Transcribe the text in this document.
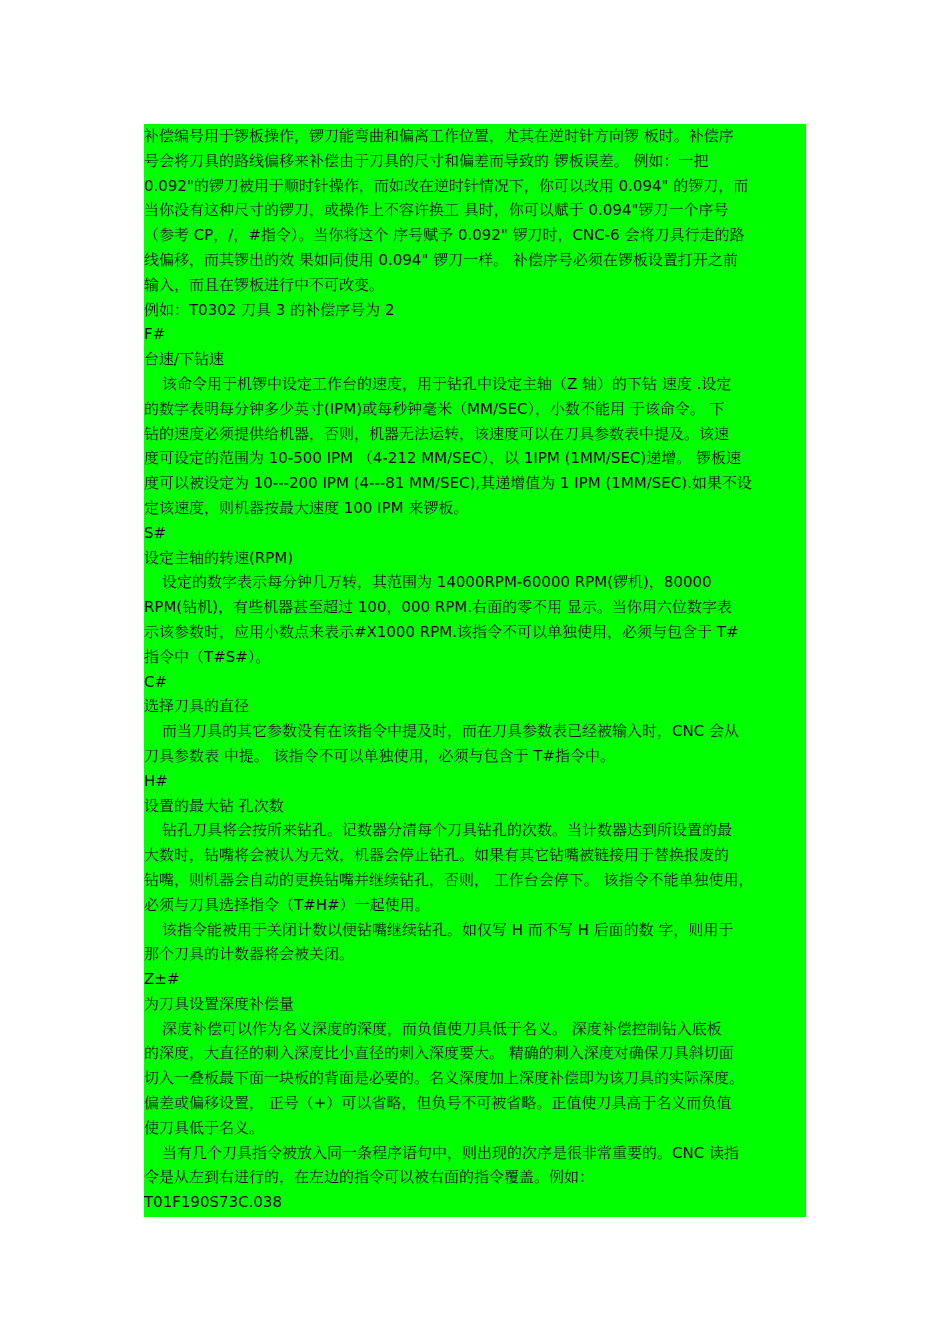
补偿编号用于锣板操作，锣刀能弯曲和偏离工作位置，尤其在逆时针方向锣 板时。补偿序
号会将刀具的路线偏移来补偿由于刀具的尺寸和偏差而导致的 锣板误差。 例如：一把
0.092"的锣刀被用于顺时针操作，而如改在逆时针情况下，你可以改用 0.094" 的锣刀，而
当你没有这种尺寸的锣刀，或操作上不容许换工 具时，你可以赋于 0.094"锣刀一个序号
（参考 CP，/，#指令）。当你将这个 序号赋予 0.092" 锣刀时，CNC-6 会将刀具行走的路
线偏移，而其锣出的效 果如同使用 0.094" 锣刀一样。 补偿序号必须在锣板设置打开之前
输入，而且在锣板进行中不可改变。
例如：T0302 刀具 3 的补偿序号为 2
F#
台速/下钻速
该命令用于机锣中设定工作台的速度，用于钻孔中设定主轴（Z 轴）的下钻 速度 .设定
的数字表明每分钟多少英寸(IPM)或每秒钟毫米（MM/SEC），小数不能用 于该命令。 下
钻的速度必须提供给机器，否则，机器无法运转，该速度可以在刀具参数表中提及。该速
度可设定的范围为 10-500 IPM （4-212 MM/SEC），以 1IPM (1MM/SEC)递增。 锣板速
度可以被设定为 10---200 IPM (4---81 MM/SEC),其递增值为 1 IPM (1MM/SEC).如果不设
定该速度，则机器按最大速度 100 IPM 来锣板。
S#
设定主轴的转速(RPM)
设定的数字表示每分钟几万转，其范围为 14000RPM-60000 RPM(锣机)，80000
RPM(钻机)，有些机器甚至超过 100，000 RPM.右面的零不用 显示。当你用六位数字表
示该参数时，应用小数点来表示#X1000 RPM.该指令不可以单独使用，必须与包含于 T#
指令中（T#S#）。
C#
选择刀具的直径
而当刀具的其它参数没有在该指令中提及时，而在刀具参数表已经被输入时，CNC 会从
刀具参数表 中提。 该指令不可以单独使用，必须与包含于 T#指令中。
H#
设置的最大钻 孔次数
钻孔刀具将会按所来钻孔。记数器分清每个刀具钻孔的次数。当计数器达到所设置的最
大数时，钻嘴将会被认为无效，机器会停止钻孔。如果有其它钻嘴被链接用于替换报废的
钻嘴，则机器会自动的更换钻嘴并继续钻孔，否则， 工作台会停下。 该指令不能单独使用，
必须与刀具选择指令（T#H#）一起使用。
该指令能被用于关闭计数以便钻嘴继续钻孔。如仅写 H 而不写 H 后面的数 字，则用于
那个刀具的计数器将会被关闭。
Z±#
为刀具设置深度补偿量
深度补偿可以作为名义深度的深度，而负值使刀具低于名义。 深度补偿控制钻入底板
的深度，大直径的刺入深度比小直径的刺入深度要大。 精确的刺入深度对确保刀具斜切面
切入一叠板最下面一块板的背面是必要的。名义深度加上深度补偿即为该刀具的实际深度。
偏差或偏移设置， 正号（+）可以省略，但负号不可被省略。正值使刀具高于名义而负值
使刀具低于名义。
当有几个刀具指令被放入同一条程序语句中，则出现的次序是很非常重要的。CNC 读指
令是从左到右进行的，在左边的指令可以被右面的指令覆盖。例如：
T01F190S73C.038
